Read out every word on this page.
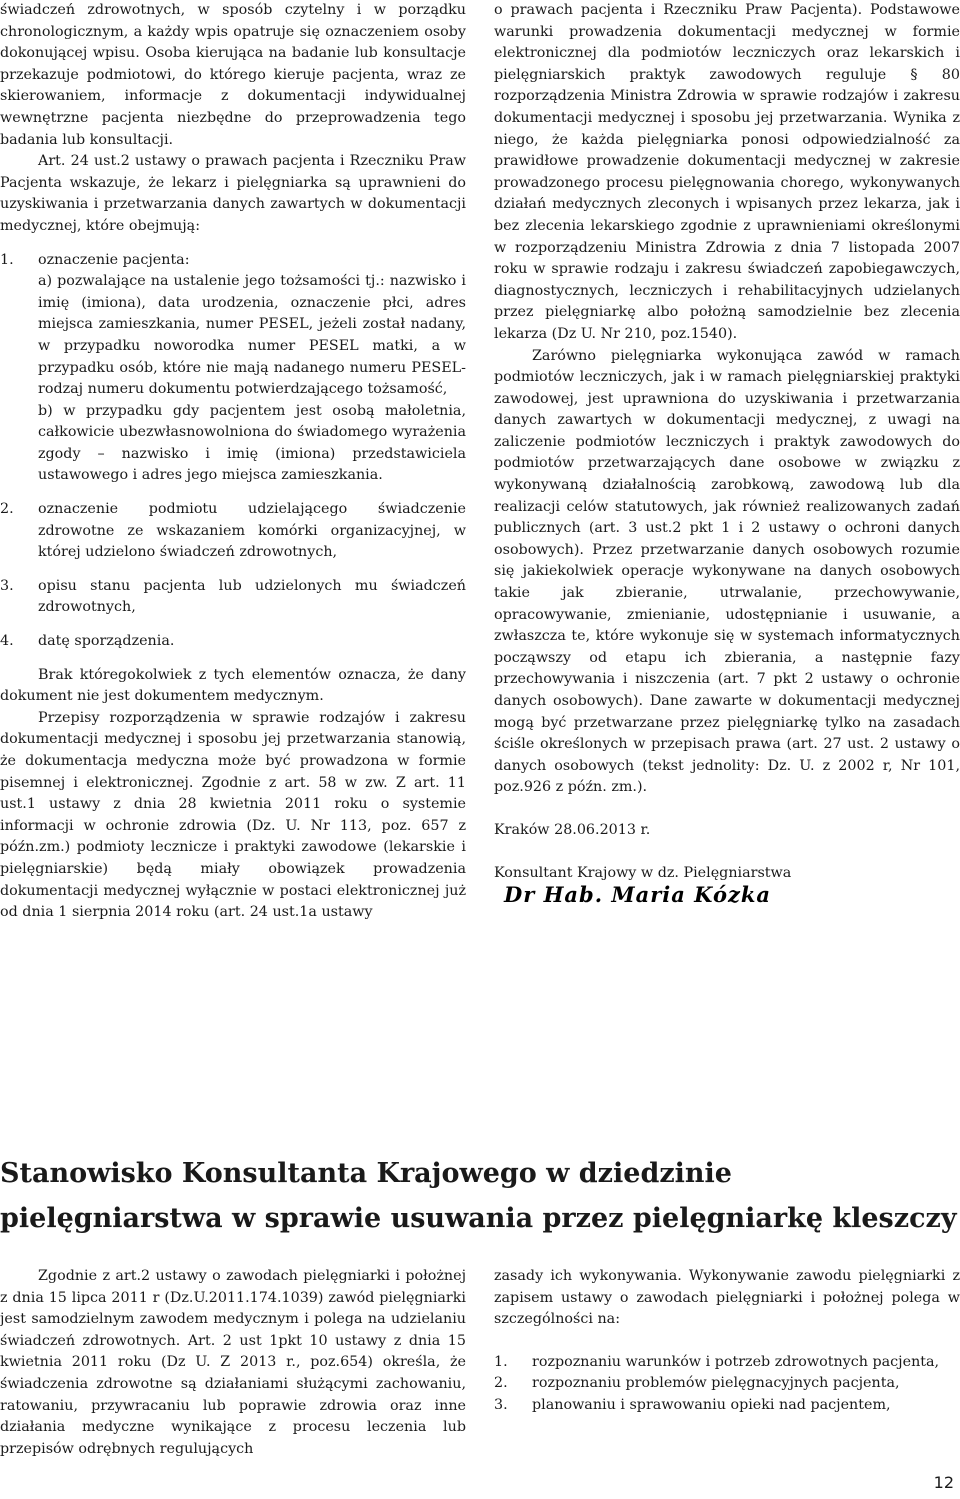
świadczeń zdrowotnych, w sposób czytelny i w porządku chronologicznym, a każdy wpis opatruje się oznaczeniem osoby dokonującej wpisu. Osoba kierująca na badanie lub konsultacje przekazuje podmiotowi, do którego kieruje pacjenta, wraz ze skierowaniem, informacje z dokumentacji indywidualnej wewnętrzne pacjenta niezbędne do przeprowadzenia tego badania lub konsultacji.

Art. 24 ust.2 ustawy o prawach pacjenta i Rzeczniku Praw Pacjenta wskazuje, że lekarz i pielęgniarka są uprawnieni do uzyskiwania i przetwarzania danych zawartych w dokumentacji medycznej, które obejmują:

1.	oznaczenie pacjenta:

a) pozwalające na ustalenie jego tożsamości tj.: nazwisko i imię (imiona), data urodzenia, oznaczenie płci, adres miejsca zamieszkania, numer PESEL, jeżeli został nadany, w przypadku noworodka numer PESEL matki, a w przypadku osób, które nie mają nadanego numeru PESEL- rodzaj numeru dokumentu potwierdzającego tożsamość,

b) w przypadku gdy pacjentem jest osobą małoletnia, całkowicie ubezwłasnowolniona do świadomego wyrażenia zgody – nazwisko i imię (imiona) przedstawiciela ustawowego i adres jego miejsca zamieszkania.

2.	oznaczenie podmiotu udzielającego świadczenie zdrowotne ze wskazaniem komórki organizacyjnej, w której udzielono świadczeń zdrowotnych,

3.	opisu stanu pacjenta lub udzielonych mu świadczeń zdrowotnych,

4.	datę sporządzenia.

Brak któregokolwiek z tych elementów oznacza, że dany dokument nie jest dokumentem medycznym.

Przepisy rozporządzenia w sprawie rodzajów i zakresu dokumentacji medycznej i sposobu jej przetwarzania stanowią, że dokumentacja medyczna może być prowadzona w formie pisemnej i elektronicznej. Zgodnie z art. 58 w zw. Z art. 11 ust.1 ustawy z dnia 28 kwietnia 2011 roku o systemie informacji w ochronie zdrowia (Dz. U. Nr 113, poz. 657 z późn.zm.) podmioty lecznicze i praktyki zawodowe (lekarskie i pielęgniarskie) będą miały obowiązek prowadzenia dokumentacji medycznej wyłącznie w postaci elektronicznej już od dnia 1 sierpnia 2014 roku (art. 24 ust.1a ustawy

o prawach pacjenta i Rzeczniku Praw Pacjenta). Podstawowe warunki prowadzenia dokumentacji medycznej w formie elektronicznej dla podmiotów leczniczych oraz lekarskich i pielęgniarskich praktyk zawodowych reguluje § 80 rozporządzenia Ministra Zdrowia w sprawie rodzajów i zakresu dokumentacji medycznej i sposobu jej przetwarzania. Wynika z niego, że każda pielęgniarka ponosi odpowiedzialność za prawidłowe prowadzenie dokumentacji medycznej w zakresie prowadzonego procesu pielęgnowania chorego, wykonywanych działań medycznych zleconych i wpisanych przez lekarza, jak i bez zlecenia lekarskiego zgodnie z uprawnieniami określonymi w rozporządzeniu Ministra Zdrowia z dnia 7 listopada 2007 roku w sprawie rodzaju i zakresu świadczeń zapobiegawczych, diagnostycznych, leczniczych i rehabilitacyjnych udzielanych przez pielęgniarkę albo położną samodzielnie bez zlecenia lekarza (Dz U. Nr 210, poz.1540).

Zarówno pielęgniarka wykonująca zawód w ramach podmiotów leczniczych, jak i w ramach pielęgniarskiej praktyki zawodowej, jest uprawniona do uzyskiwania i przetwarzania danych zawartych w dokumentacji medycznej, z uwagi na zaliczenie podmiotów leczniczych i praktyk zawodowych do podmiotów przetwarzających dane osobowe w związku z wykonywaną działalnością zarobkową, zawodową lub dla realizacji celów statutowych, jak również realizowanych zadań publicznych (art. 3 ust.2 pkt 1 i 2 ustawy o ochroni danych osobowych). Przez przetwarzanie danych osobowych rozumie się jakiekolwiek operacje wykonywane na danych osobowych takie jak zbieranie, utrwalanie, przechowywanie, opracowywanie, zmienianie, udostępnianie i usuwanie, a zwłaszcza te, które wykonuje się w systemach informatycznych począwszy od etapu ich zbierania, a następnie fazy przechowywania i niszczenia (art. 7 pkt 2 ustawy o ochronie danych osobowych). Dane zawarte w dokumentacji medycznej mogą być przetwarzane przez pielęgniarkę tylko na zasadach ściśle określonych w przepisach prawa (art. 27 ust. 2 ustawy o danych osobowych (tekst jednolity: Dz. U. z 2002 r, Nr 101, poz.926 z późn. zm.).

Kraków 28.06.2013 r.

Konsultant Krajowy w dz. Pielęgniarstwa

Dr Hab. Maria Kózka

Stanowisko Konsultanta Krajowego w dziedzinie pielęgniarstwa w sprawie usuwania przez pielęgniarkę kleszczy

Zgodnie z art.2 ustawy o zawodach pielęgniarki i położnej z dnia 15 lipca 2011 r (Dz.U.2011.174.1039) zawód pielęgniarki jest samodzielnym zawodem medycznym i polega na udzielaniu świadczeń zdrowotnych. Art. 2 ust 1pkt 10 ustawy z dnia 15 kwietnia 2011 roku (Dz U. Z 2013 r., poz.654) określa, że świadczenia zdrowotne są działaniami służącymi zachowaniu, ratowaniu, przywracaniu lub poprawie zdrowia oraz inne działania medyczne wynikające z procesu leczenia lub przepisów odrębnych regulujących

zasady ich wykonywania. Wykonywanie zawodu pielęgniarki z zapisem ustawy o zawodach pielęgniarki i położnej polega w szczególności na:

1.	rozpoznaniu warunków i potrzeb zdrowotnych pacjenta,

2.	rozpoznaniu problemów pielęgnacyjnych pacjenta,

3.	planowaniu i sprawowaniu opieki nad pacjentem,

12
